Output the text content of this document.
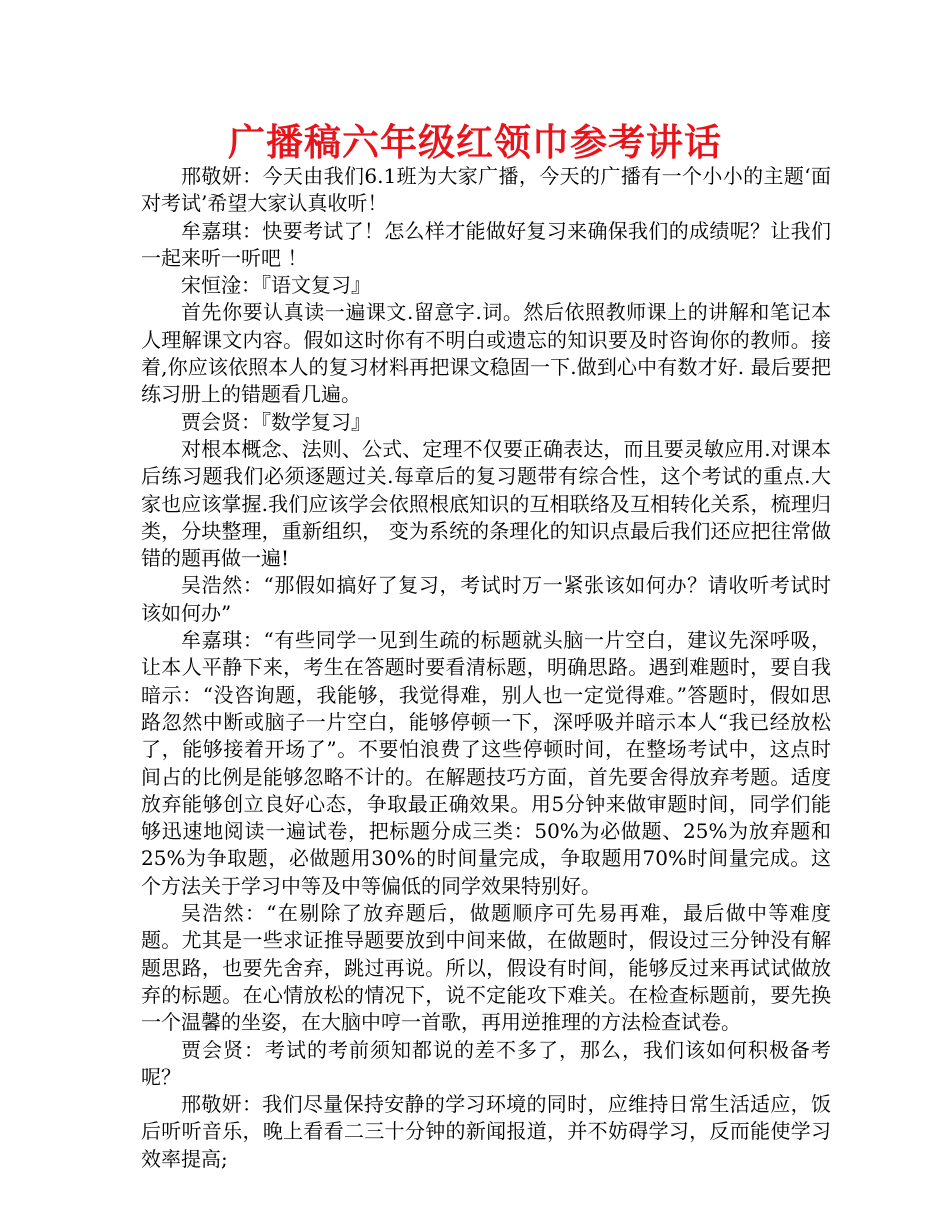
广播稿六年级红领巾参考讲话

邢敬妍：今天由我们6.1班为大家广播，今天的广播有一个小小的主题‘面对考试’希望大家认真收听！

牟嘉琪：快要考试了！怎么样才能做好复习来确保我们的成绩呢？让我们一起来听一听吧 ！

宋恒淦：『语文复习』

首先你要认真读一遍课文.留意字.词。然后依照教师课上的讲解和笔记本人理解课文内容。假如这时你有不明白或遗忘的知识要及时咨询你的教师。接着,你应该依照本人的复习材料再把课文稳固一下.做到心中有数才好. 最后要把练习册上的错题看几遍。

贾会贤：『数学复习』

对根本概念、法则、公式、定理不仅要正确表达，而且要灵敏应用.对课本后练习题我们必须逐题过关.每章后的复习题带有综合性，这个考试的重点.大家也应该掌握.我们应该学会依照根底知识的互相联络及互相转化关系，梳理归类，分块整理，重新组织， 变为系统的条理化的知识点最后我们还应把往常做错的题再做一遍!

吴浩然：“那假如搞好了复习，考试时万一紧张该如何办？请收听考试时该如何办”

牟嘉琪：“有些同学一见到生疏的标题就头脑一片空白，建议先深呼吸，让本人平静下来，考生在答题时要看清标题，明确思路。遇到难题时，要自我暗示：“没咨询题，我能够，我觉得难，别人也一定觉得难。”答题时，假如思路忽然中断或脑子一片空白，能够停顿一下，深呼吸并暗示本人“我已经放松了，能够接着开场了”。不要怕浪费了这些停顿时间，在整场考试中，这点时间占的比例是能够忽略不计的。在解题技巧方面，首先要舍得放弃考题。适度放弃能够创立良好心态，争取最正确效果。用5分钟来做审题时间，同学们能够迅速地阅读一遍试卷，把标题分成三类：50%为必做题、25%为放弃题和25%为争取题，必做题用30%的时间量完成，争取题用70%时间量完成。这个方法关于学习中等及中等偏低的同学效果特别好。

吴浩然：“在剔除了放弃题后，做题顺序可先易再难，最后做中等难度题。尤其是一些求证推导题要放到中间来做，在做题时，假设过三分钟没有解题思路，也要先舍弃，跳过再说。所以，假设有时间，能够反过来再试试做放弃的标题。在心情放松的情况下，说不定能攻下难关。在检查标题前，要先换一个温馨的坐姿，在大脑中哼一首歌，再用逆推理的方法检查试卷。

贾会贤：考试的考前须知都说的差不多了，那么，我们该如何积极备考呢？

邢敬妍：我们尽量保持安静的学习环境的同时，应维持日常生活适应，饭后听听音乐，晚上看看二三十分钟的新闻报道，并不妨碍学习，反而能使学习效率提高;
